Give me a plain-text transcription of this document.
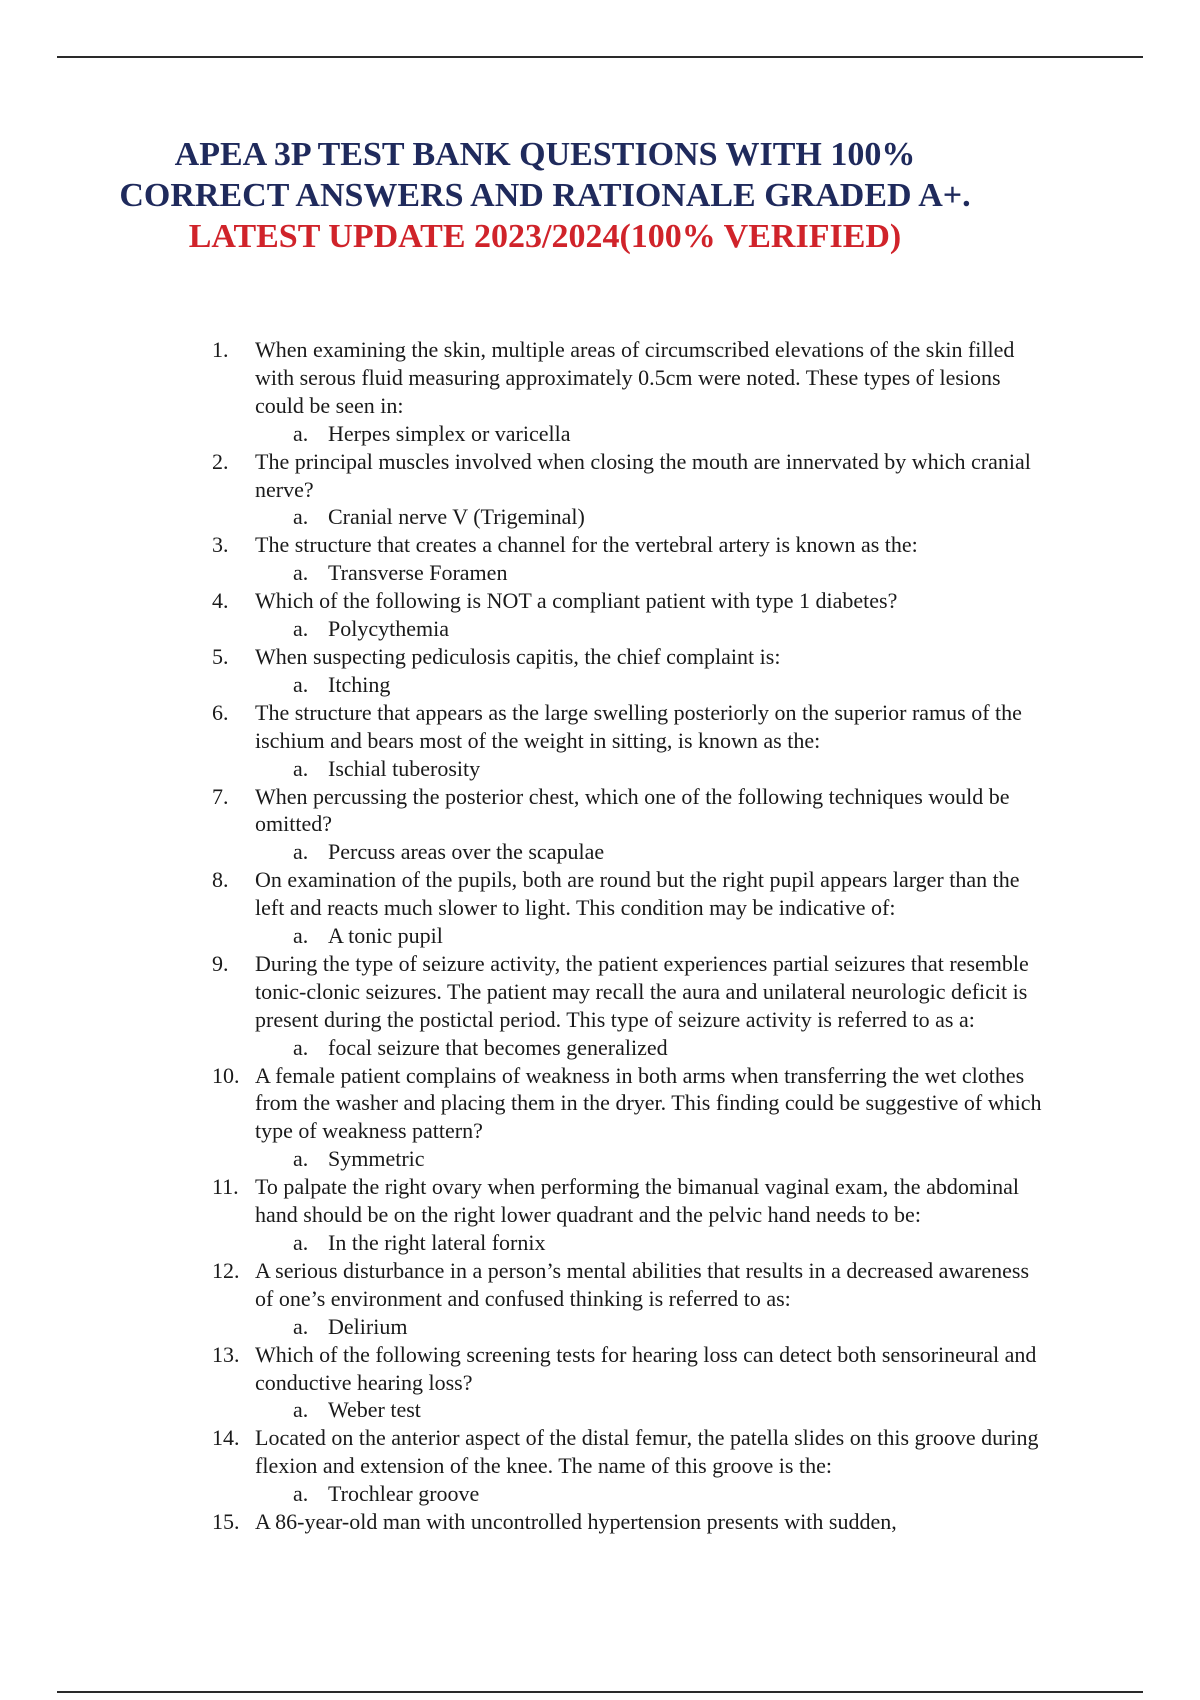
APEA 3P TEST BANK QUESTIONS WITH 100%
CORRECT ANSWERS AND RATIONALE GRADED A+.
LATEST UPDATE 2023/2024(100% VERIFIED)
1.	When examining the skin, multiple areas of circumscribed elevations of the skin filled with serous fluid measuring approximately 0.5cm were noted. These types of lesions could be seen in:
a. Herpes simplex or varicella
2.	The principal muscles involved when closing the mouth are innervated by which cranial nerve?
a. Cranial nerve V (Trigeminal)
3.	The structure that creates a channel for the vertebral artery is known as the:
a. Transverse Foramen
4.	Which of the following is NOT a compliant patient with type 1 diabetes?
a. Polycythemia
5.	When suspecting pediculosis capitis, the chief complaint is:
a. Itching
6.	The structure that appears as the large swelling posteriorly on the superior ramus of the ischium and bears most of the weight in sitting, is known as the:
a. Ischial tuberosity
7.	When percussing the posterior chest, which one of the following techniques would be omitted?
a. Percuss areas over the scapulae
8.	On examination of the pupils, both are round but the right pupil appears larger than the left and reacts much slower to light. This condition may be indicative of:
a. A tonic pupil
9.	During the type of seizure activity, the patient experiences partial seizures that resemble tonic-clonic seizures. The patient may recall the aura and unilateral neurologic deficit is present during the postictal period. This type of seizure activity is referred to as a:
a. focal seizure that becomes generalized
10. A female patient complains of weakness in both arms when transferring the wet clothes from the washer and placing them in the dryer. This finding could be suggestive of which type of weakness pattern?
a. Symmetric
11. To palpate the right ovary when performing the bimanual vaginal exam, the abdominal hand should be on the right lower quadrant and the pelvic hand needs to be:
a. In the right lateral fornix
12. A serious disturbance in a person’s mental abilities that results in a decreased awareness of one’s environment and confused thinking is referred to as:
a. Delirium
13. Which of the following screening tests for hearing loss can detect both sensorineural and conductive hearing loss?
a. Weber test
14. Located on the anterior aspect of the distal femur, the patella slides on this groove during flexion and extension of the knee. The name of this groove is the:
a. Trochlear groove
15. A 86-year-old man with uncontrolled hypertension presents with sudden,
